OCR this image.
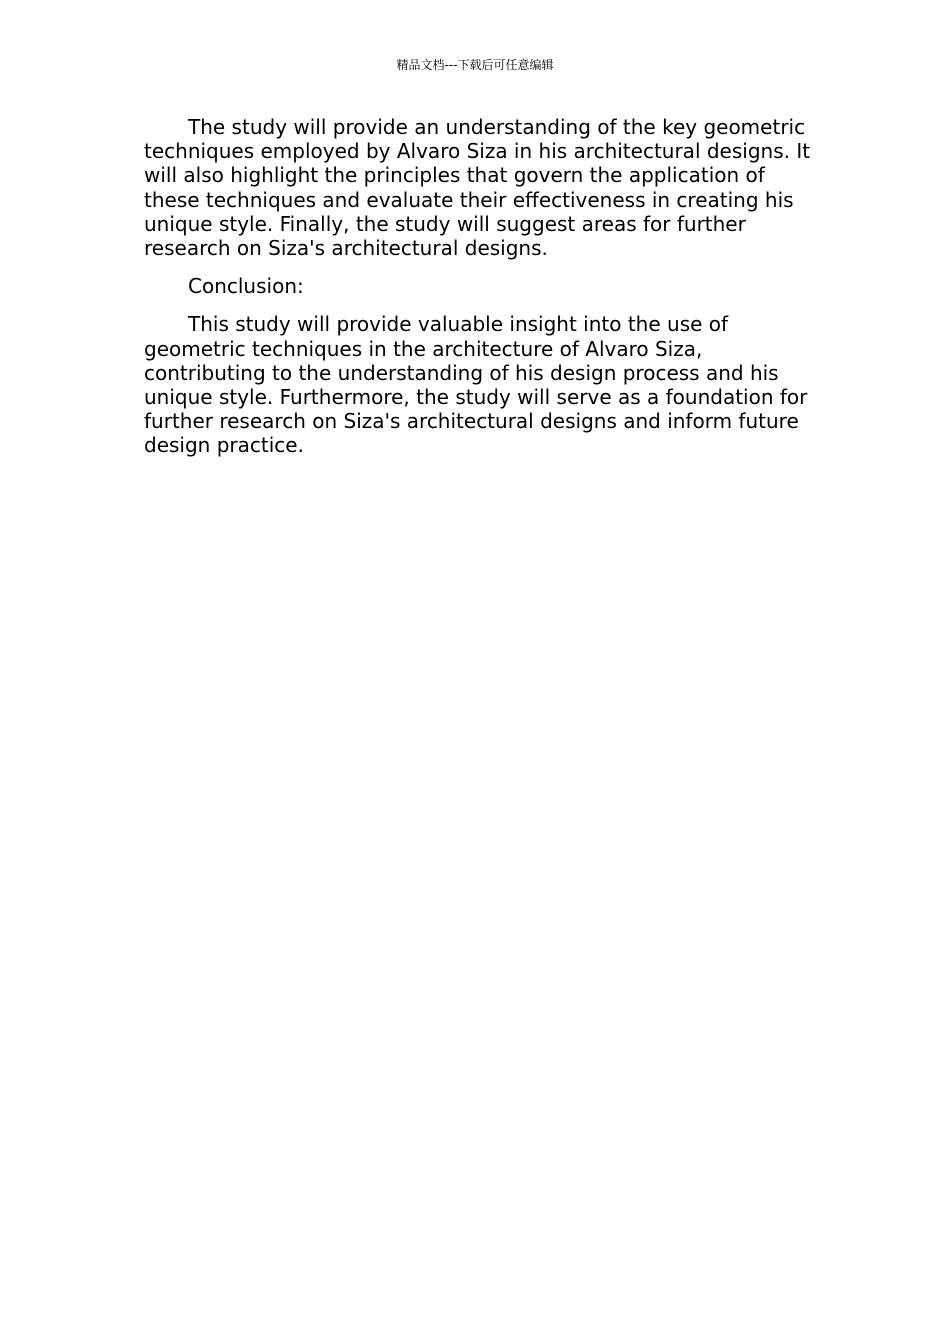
精品文档---下载后可任意编辑

The study will provide an understanding of the key geometric techniques employed by Alvaro Siza in his architectural designs. It will also highlight the principles that govern the application of these techniques and evaluate their effectiveness in creating his unique style. Finally, the study will suggest areas for further research on Siza's architectural designs.

Conclusion:

This study will provide valuable insight into the use of geometric techniques in the architecture of Alvaro Siza, contributing to the understanding of his design process and his unique style. Furthermore, the study will serve as a foundation for further research on Siza's architectural designs and inform future design practice.
